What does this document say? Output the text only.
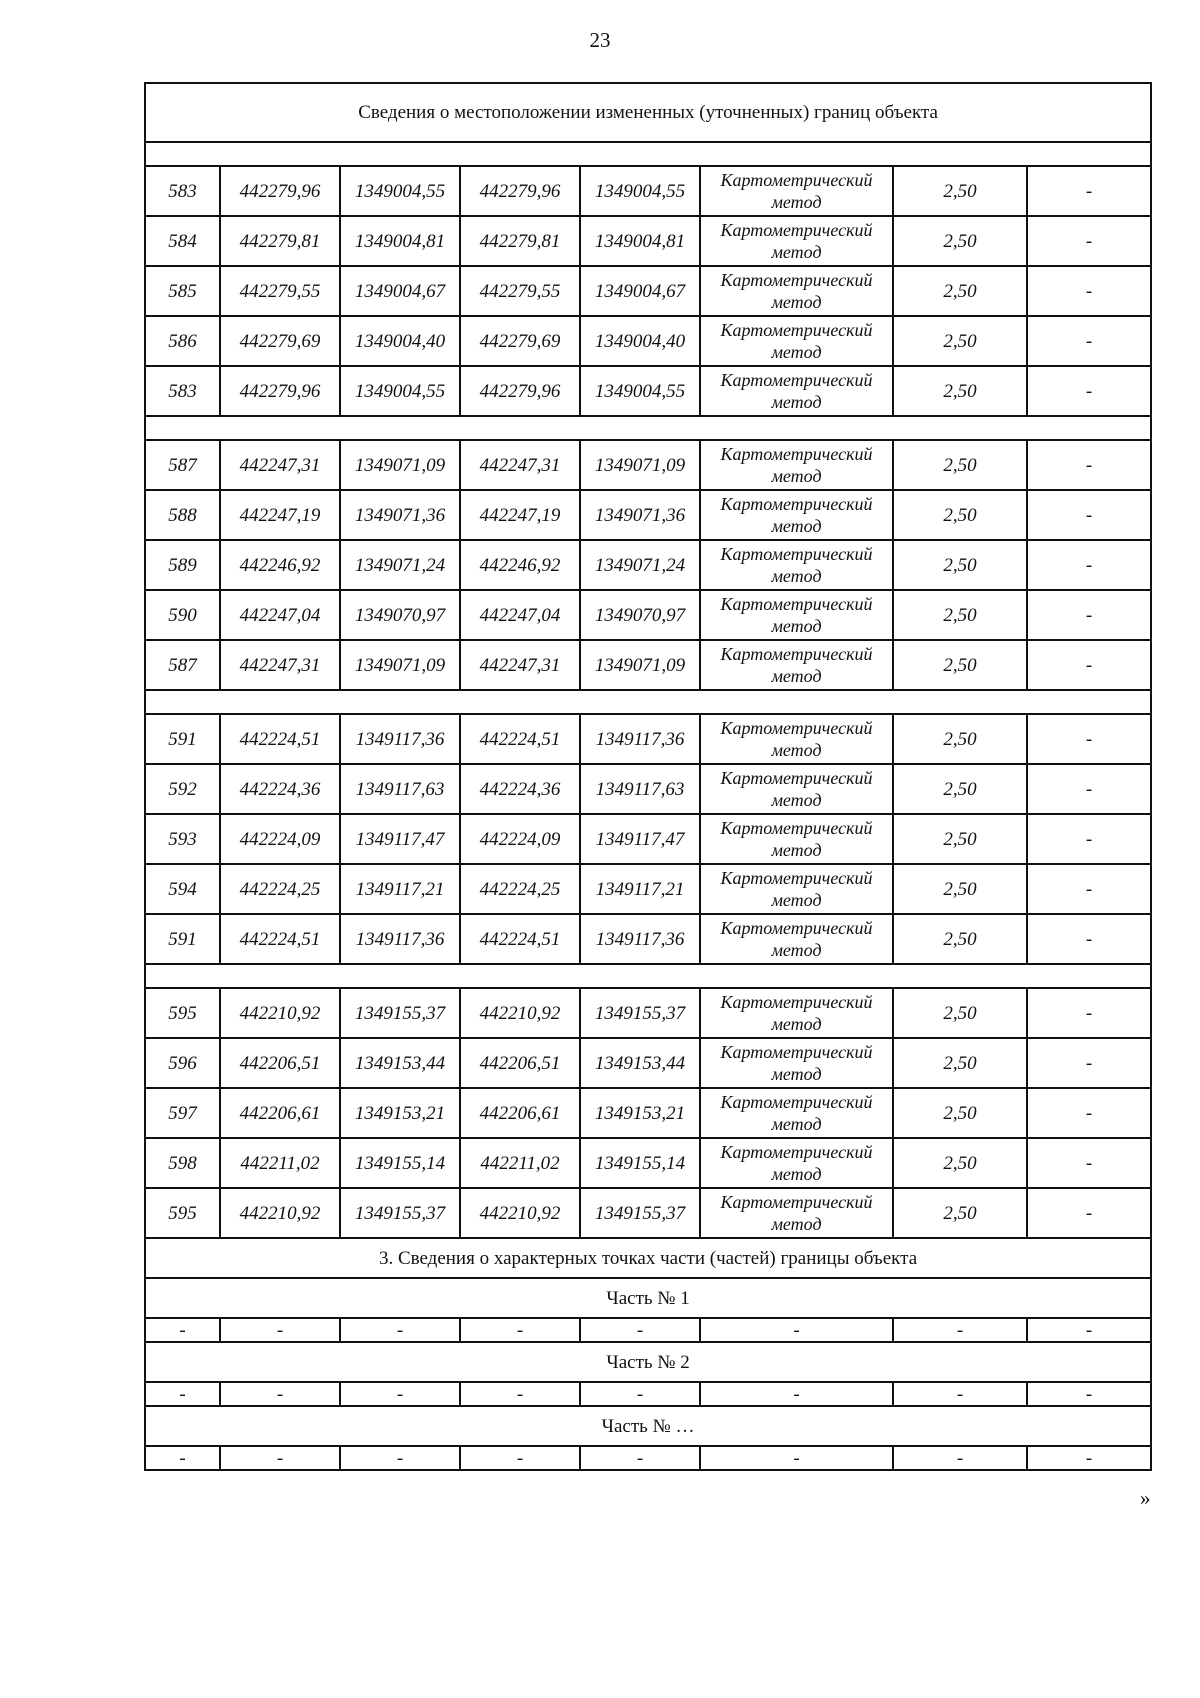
23
Сведения о местоположении измененных (уточненных) границ объекта							

583	442279,96	1349004,55	442279,96	1349004,55	Картометрический метод	2,50	-
584	442279,81	1349004,81	442279,81	1349004,81	Картометрический метод	2,50	-
585	442279,55	1349004,67	442279,55	1349004,67	Картометрический метод	2,50	-
586	442279,69	1349004,40	442279,69	1349004,40	Картометрический метод	2,50	-
583	442279,96	1349004,55	442279,96	1349004,55	Картометрический метод	2,50	-

587	442247,31	1349071,09	442247,31	1349071,09	Картометрический метод	2,50	-
588	442247,19	1349071,36	442247,19	1349071,36	Картометрический метод	2,50	-
589	442246,92	1349071,24	442246,92	1349071,24	Картометрический метод	2,50	-
590	442247,04	1349070,97	442247,04	1349070,97	Картометрический метод	2,50	-
587	442247,31	1349071,09	442247,31	1349071,09	Картометрический метод	2,50	-

591	442224,51	1349117,36	442224,51	1349117,36	Картометрический метод	2,50	-
592	442224,36	1349117,63	442224,36	1349117,63	Картометрический метод	2,50	-
593	442224,09	1349117,47	442224,09	1349117,47	Картометрический метод	2,50	-
594	442224,25	1349117,21	442224,25	1349117,21	Картометрический метод	2,50	-
591	442224,51	1349117,36	442224,51	1349117,36	Картометрический метод	2,50	-

595	442210,92	1349155,37	442210,92	1349155,37	Картометрический метод	2,50	-
596	442206,51	1349153,44	442206,51	1349153,44	Картометрический метод	2,50	-
597	442206,61	1349153,21	442206,61	1349153,21	Картометрический метод	2,50	-
598	442211,02	1349155,14	442211,02	1349155,14	Картометрический метод	2,50	-
595	442210,92	1349155,37	442210,92	1349155,37	Картометрический метод	2,50	-
3. Сведения о характерных точках части (частей) границы объекта							
Часть № 1							
-	-	-	-	-	-	-	-
Часть № 2							
-	-	-	-	-	-	-	-
Часть № …							
-	-	-	-	-	-	-	-
»
